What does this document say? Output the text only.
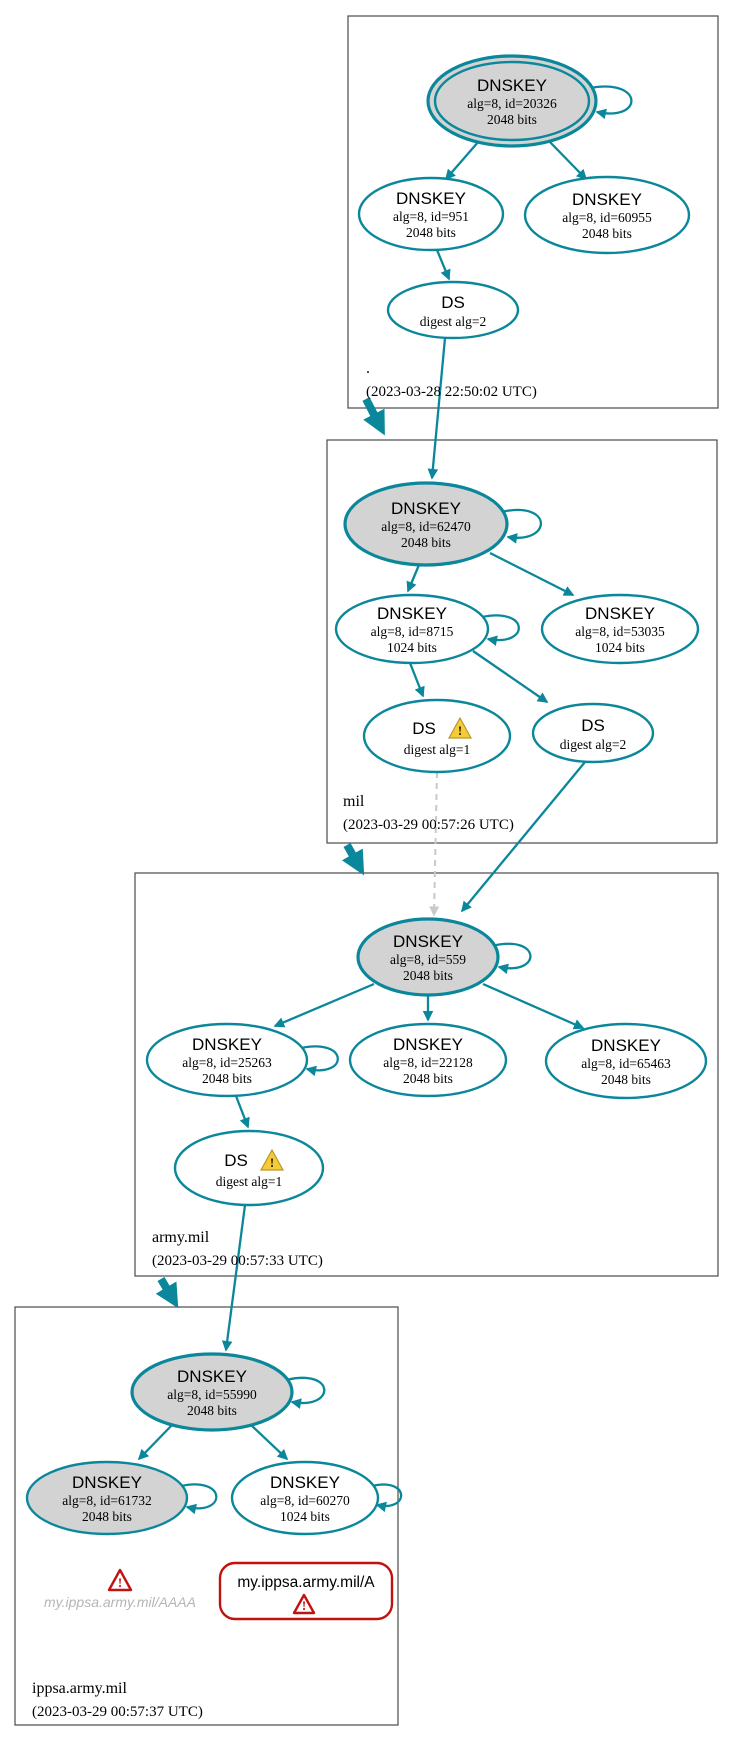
DNSKEY
alg=8, id=20326
2048 bits
DNSKEY
alg=8, id=951
2048 bits
DNSKEY
alg=8, id=60955
2048 bits
DS
digest alg=2
.
(2023-03-28 22:50:02 UTC)
DNSKEY
alg=8, id=62470
2048 bits
DNSKEY
alg=8, id=8715
1024 bits
DNSKEY
alg=8, id=53035
1024 bits
DS !
digest alg=1
DS
digest alg=2
mil
(2023-03-29 00:57:26 UTC)
DNSKEY
alg=8, id=559
2048 bits
DNSKEY
alg=8, id=25263
2048 bits
DNSKEY
alg=8, id=22128
2048 bits
DNSKEY
alg=8, id=65463
2048 bits
DS !
digest alg=1
army.mil
(2023-03-29 00:57:33 UTC)
DNSKEY
alg=8, id=55990
2048 bits
DNSKEY
alg=8, id=61732
2048 bits
DNSKEY
alg=8, id=60270
1024 bits
!
my.ippsa.army.mil/AAAA
my.ippsa.army.mil/A
!
ippsa.army.mil
(2023-03-29 00:57:37 UTC)
